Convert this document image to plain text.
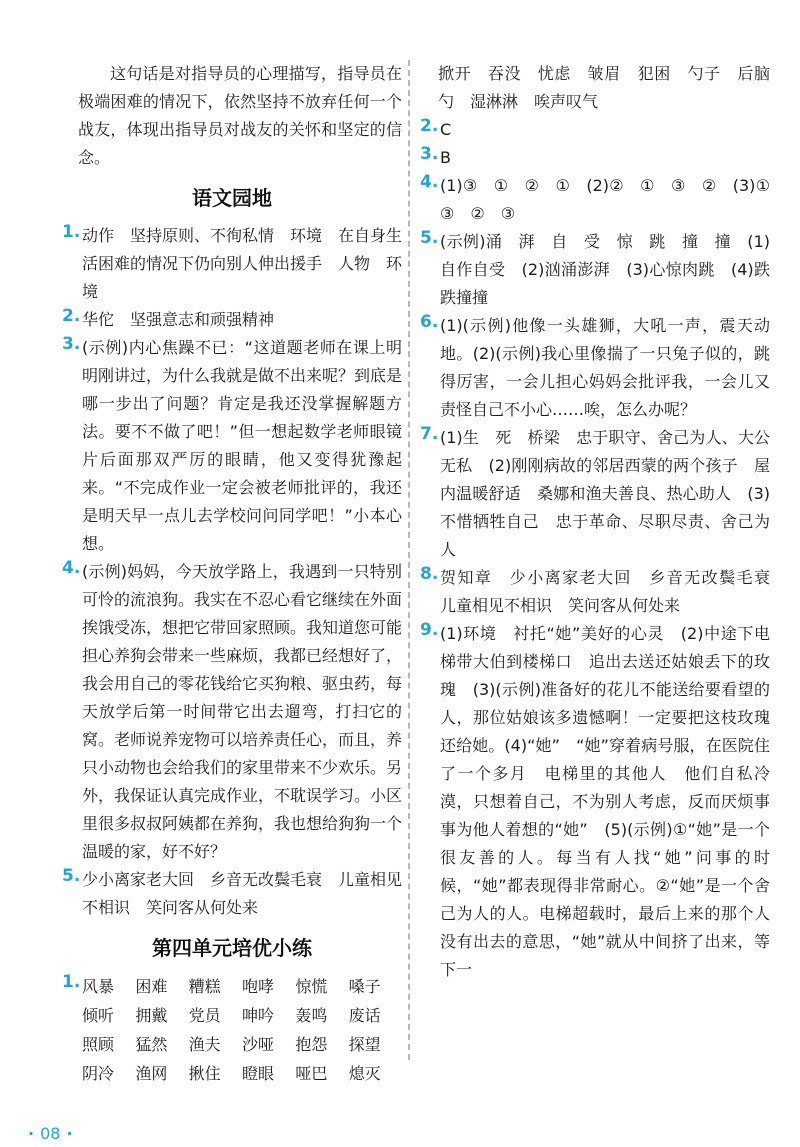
这句话是对指导员的心理描写，指导员在极端困难的情况下，依然坚持不放弃任何一个战友，体现出指导员对战友的关怀和坚定的信念。

语文园地
1. 动作　坚持原则、不徇私情　环境　在自身生活困难的情况下仍向别人伸出援手　人物　环境

2. 华佗　坚强意志和顽强精神

3. (示例)内心焦躁不已：“这道题老师在课上明明刚讲过，为什么我就是做不出来呢？到底是哪一步出了问题？肯定是我还没掌握解题方法。要不不做了吧！”但一想起数学老师眼镜片后面那双严厉的眼睛，他又变得犹豫起来。“不完成作业一定会被老师批评的，我还是明天早一点儿去学校问问同学吧！”小本心想。

4. (示例)妈妈，今天放学路上，我遇到一只特别可怜的流浪狗。我实在不忍心看它继续在外面挨饿受冻，想把它带回家照顾。我知道您可能担心养狗会带来一些麻烦，我都已经想好了，我会用自己的零花钱给它买狗粮、驱虫药，每天放学后第一时间带它出去遛弯，打扫它的窝。老师说养宠物可以培养责任心，而且，养只小动物也会给我们的家里带来不少欢乐。另外，我保证认真完成作业，不耽误学习。小区里很多叔叔阿姨都在养狗，我也想给狗狗一个温暖的家，好不好？

5. 少小离家老大回　乡音无改鬓毛衰　儿童相见不相识　笑问客从何处来

第四单元培优小练
1. 风暴	困难	糟糕	咆哮	惊慌	嗓子
倾听	拥戴	党员	呻吟	轰鸣	废话
照顾	猛然	渔夫	沙哑	抱怨	探望
阴冷	渔网	揪住	瞪眼	哑巴	熄灭

掀开　吞没　忧虑　皱眉　犯困　勺子　后脑勺　湿淋淋　唉声叹气

2. C

3. B

4. (1)③　①　②　①　(2)②　①　③　②　(3)①　③　②　③

5. (示例)涌　湃　自　受　惊　跳　撞　撞　(1)自作自受　(2)汹涌澎湃　(3)心惊肉跳　(4)跌跌撞撞

6. (1)(示例)他像一头雄狮，大吼一声，震天动地。(2)(示例)我心里像揣了一只兔子似的，跳得厉害，一会儿担心妈妈会批评我，一会儿又责怪自己不小心……唉，怎么办呢？

7. (1)生　死　桥梁　忠于职守、舍己为人、大公无私　(2)刚刚病故的邻居西蒙的两个孩子　屋内温暖舒适　桑娜和渔夫善良、热心助人　(3)不惜牺牲自己　忠于革命、尽职尽责、舍己为人

8. 贺知章　少小离家老大回　乡音无改鬓毛衰　儿童相见不相识　笑问客从何处来

9. (1)环境　衬托“她”美好的心灵　(2)中途下电梯带大伯到楼梯口　追出去送还姑娘丢下的玫瑰　(3)(示例)准备好的花儿不能送给要看望的人，那位姑娘该多遗憾啊！一定要把这枝玫瑰还给她。(4)“她”　“她”穿着病号服，在医院住了一个多月　电梯里的其他人　他们自私冷漠，只想着自己，不为别人考虑，反而厌烦事事为他人着想的“她”　(5)(示例)①“她”是一个很友善的人。每当有人找“她”问事的时候，“她”都表现得非常耐心。②“她”是一个舍己为人的人。电梯超载时，最后上来的那个人没有出去的意思，“她”就从中间挤了出来，等下一

· 08 ·
